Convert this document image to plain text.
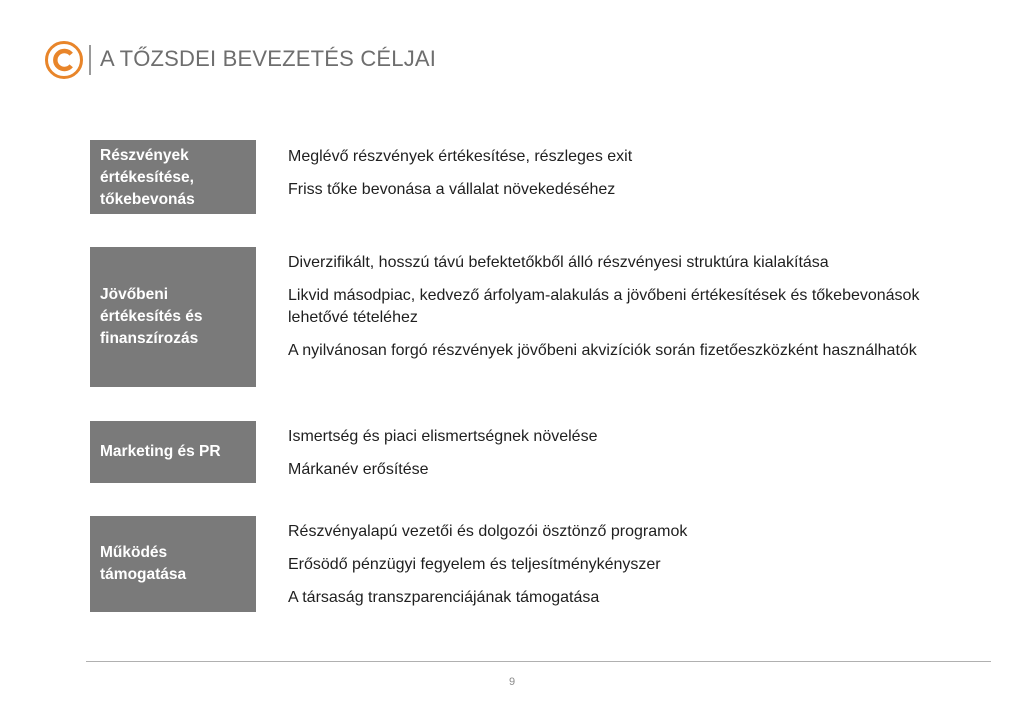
A TŐZSDEI BEVEZETÉS CÉLJAI
Részvények értékesítése, tőkebevonás
Meglévő részvények értékesítése, részleges exit
Friss tőke bevonása a vállalat növekedéséhez
Jövőbeni értékesítés és finanszírozás
Diverzifikált, hosszú távú befektetőkből álló részvényesi struktúra kialakítása
Likvid másodpiac, kedvező árfolyam-alakulás a jövőbeni értékesítések és tőkebevonások lehetővé tételéhez
A nyilvánosan forgó részvények jövőbeni akvizíciók során fizetőeszközként használhatók
Marketing és PR
Ismertség és piaci elismertségnek növelése
Márkanév erősítése
Működés támogatása
Részvényalapú vezetői és dolgozói ösztönző programok
Erősödő pénzügyi fegyelem és teljesítménykényszer
A társaság transzparenciájának támogatása
9
